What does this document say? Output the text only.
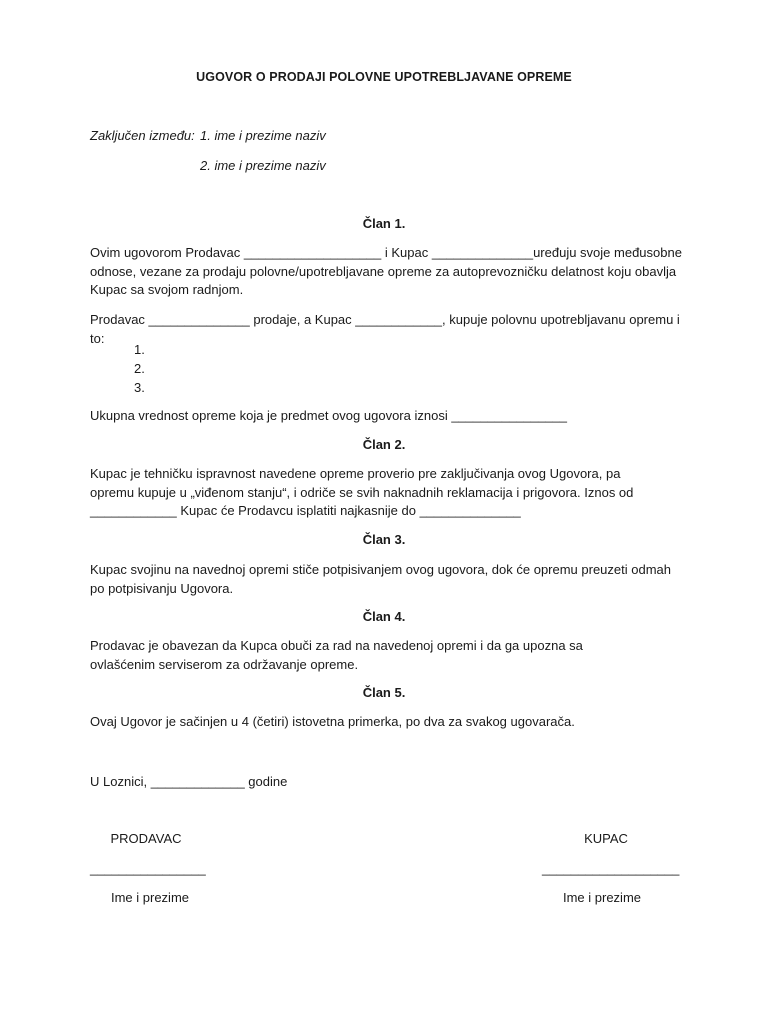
UGOVOR O PRODAJI POLOVNE UPOTREBLJAVANE OPREME
Zaključen između: 1. ime i prezime naziv
2. ime i prezime naziv
Član 1.
Ovim ugovorom Prodavac ___________________ i Kupac ______________uređuju svoje međusobne odnose, vezane za prodaju polovne/upotrebljavane opreme za autoprevozničku delatnost koju obavlja Kupac sa svojom radnjom.
Prodavac ______________ prodaje, a Kupac ____________, kupuje polovnu upotrebljavanu opremu i to:
1.
2.
3.
Ukupna vrednost opreme koja je predmet ovog ugovora iznosi ________________
Član 2.
Kupac je tehničku ispravnost navedene opreme proverio pre zaključivanja ovog Ugovora, pa opremu kupuje u „viđenom stanju“, i odriče se svih naknadnih reklamacija i prigovora. Iznos od ____________ Kupac će Prodavcu isplatiti najkasnije do ______________
Član 3.
Kupac svojinu na navednoj opremi stiče potpisivanjem ovog ugovora, dok će opremu preuzeti odmah po potpisivanju Ugovora.
Član 4.
Prodavac je obavezan da Kupca obuči za rad na navedenoj opremi i da ga upozna sa ovlašćenim serviserom za održavanje opreme.
Član 5.
Ovaj Ugovor je sačinjen u 4 (četiri) istovetna primerka, po dva za svakog ugovarača.
U Loznici, _____________ godine
PRODAVAC
________________
Ime i prezime
KUPAC
___________________
Ime i prezime
